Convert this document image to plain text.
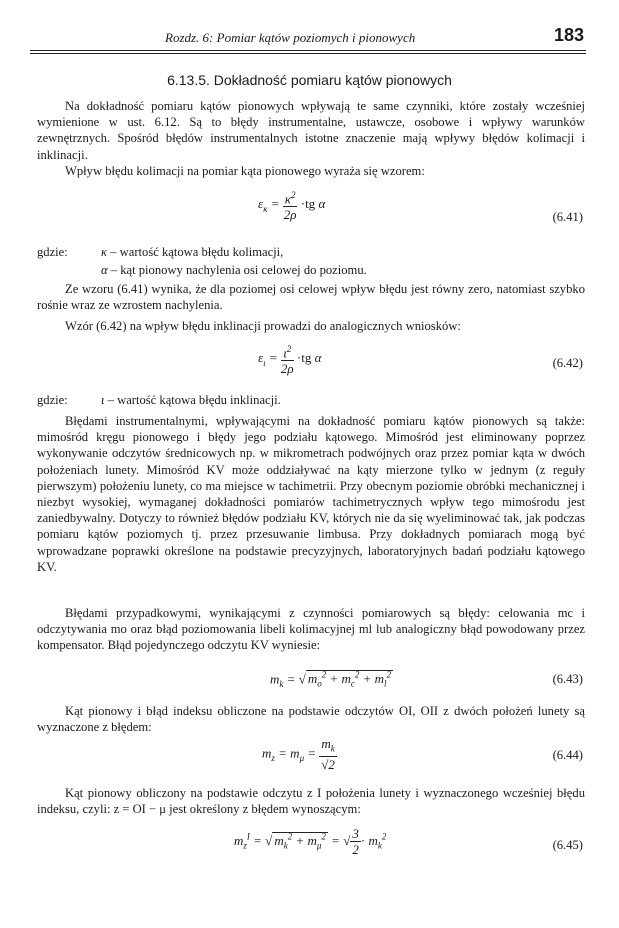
Rozdz. 6: Pomiar kątów poziomych i pionowych	183
6.13.5. Dokładność pomiaru kątów pionowych
Na dokładność pomiaru kątów pionowych wpływają te same czynniki, które zostały wcześniej wymienione w ust. 6.12. Są to błędy instrumentalne, ustawcze, osobowe i wpływy warunków zewnętrznych. Spośród błędów instrumentalnych istotne znaczenie mają wpływy błędów kolimacji i inklinacji.
Wpływ błędu kolimacji na pomiar kąta pionowego wyraża się wzorem:
$\varepsilon_\kappa = \frac{\kappa^2}{2\rho} \cdot tg$ α
(6.41)
gdzie:	κ – wartość kątowa błędu kolimacji,
α – kąt pionowy nachylenia osi celowej do poziomu.
Ze wzoru (6.41) wynika, że dla poziomej osi celowej wpływ błędu jest równy zero, natomiast szybko rośnie wraz ze wzrostem nachylenia.
Wzór (6.42) na wpływ błędu inklinacji prowadzi do analogicznych wniosków:
$\varepsilon_\iota = \frac{\iota^2}{2\rho} \cdot tg$ α	(6.42)
gdzie:	ι – wartość kątowa błędu inklinacji.
Błędami instrumentalnymi, wpływającymi na dokładność pomiaru kątów pionowych są także: mimośród kręgu pionowego i błędy jego podziału kątowego. Mimośród jest eliminowany poprzez wykonywanie odczytów średnicowych np. w mikrometrach podwójnych oraz przez pomiar kąta w dwóch położeniach lunety. Mimośród KV może oddziaływać na kąty mierzone tylko w jednym (z reguły pierwszym) położeniu lunety, co ma miejsce w tachimetrii. Przy obecnym poziomie obróbki mechanicznej i niezbyt wysokiej, wymaganej dokładności pomiarów tachimetrycznych wpływ tego mimośrodu jest zaniedbywalny. Dotyczy to również błędów podziału KV, których nie da się wyeliminować tak, jak podczas pomiaru kątów poziomych tj. przez przesuwanie limbusa. Przy dokładnych pomiarach mogą być wprowadzane poprawki określone na podstawie precyzyjnych, laboratoryjnych badań podziału kątowego KV.
Błędami przypadkowymi, wynikającymi z czynności pomiarowych są błędy: celowania mc i odczytywania mo oraz błąd poziomowania libeli kolimacyjnej ml lub analogiczny błąd powodowany przez kompensator. Błąd pojedynczego odczytu KV wyniesie:
$m_k$ = √ $m_o^2 + m_c^2 + m_l^2$	(6.43)
Kąt pionowy i błąd indeksu obliczone na podstawie odczytów OI, OII z dwóch położeń lunety są wyznaczone z błędem:
$m_z = m_\mu = \frac{m_k}{√2}$	(6.44)
Kąt pionowy obliczony na podstawie odczytu z I położenia lunety i wyznaczonego wcześniej błędu indeksu, czyli: z = OI − μ jest określony z błędem wynoszącym:
$m_z^I$ = √ $m_k^2 + m_\mu^2$ = √ $\frac{3}{2} \cdot m_k^2$
(6.45)
